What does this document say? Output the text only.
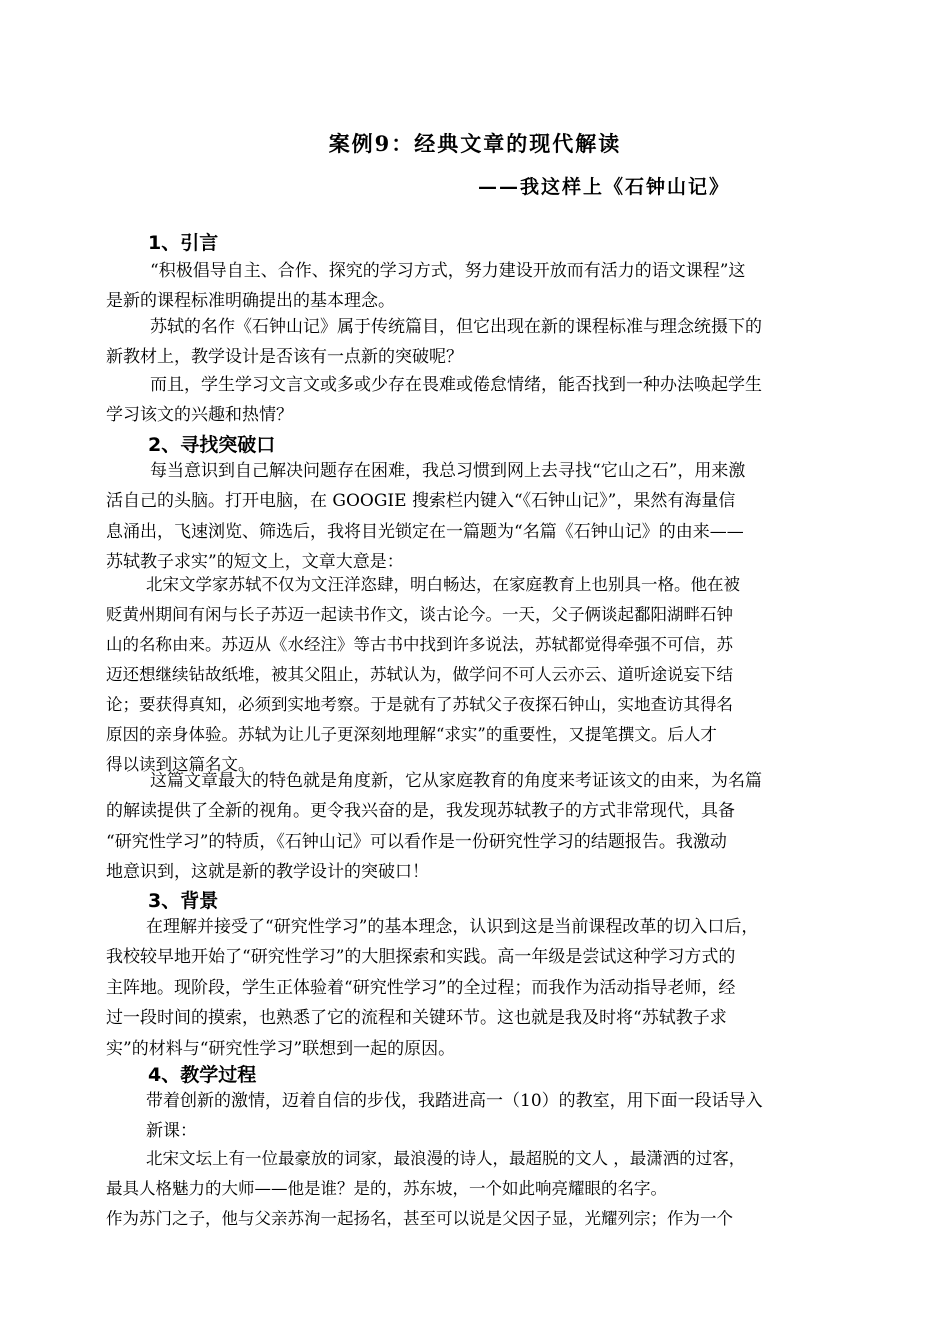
案例9：经典文章的现代解读
——我这样上《石钟山记》
1、引言
“积极倡导自主、合作、探究的学习方式，努力建设开放而有活力的语文课程”这
是新的课程标准明确提出的基本理念。
苏轼的名作《石钟山记》属于传统篇目，但它出现在新的课程标准与理念统摄下的
新教材上，教学设计是否该有一点新的突破呢？
而且，学生学习文言文或多或少存在畏难或倦怠情绪，能否找到一种办法唤起学生
学习该文的兴趣和热情？
2、寻找突破口
每当意识到自己解决问题存在困难，我总习惯到网上去寻找“它山之石”，用来激
活自己的头脑。打开电脑，在 GOOGIE 搜索栏内键入“《石钟山记》”，果然有海量信
息涌出，飞速浏览、筛选后，我将目光锁定在一篇题为“名篇《石钟山记》的由来——
苏轼教子求实”的短文上，文章大意是：
北宋文学家苏轼不仅为文汪洋恣肆，明白畅达，在家庭教育上也别具一格。他在被
贬黄州期间有闲与长子苏迈一起读书作文，谈古论今。一天，父子俩谈起鄱阳湖畔石钟
山的名称由来。苏迈从《水经注》等古书中找到许多说法，苏轼都觉得牵强不可信，苏
迈还想继续钻故纸堆，被其父阻止，苏轼认为，做学问不可人云亦云、道听途说妄下结
论；要获得真知，必须到实地考察。于是就有了苏轼父子夜探石钟山，实地查访其得名
原因的亲身体验。苏轼为让儿子更深刻地理解“求实”的重要性，又提笔撰文。后人才
得以读到这篇名文。
这篇文章最大的特色就是角度新，它从家庭教育的角度来考证该文的由来，为名篇
的解读提供了全新的视角。更令我兴奋的是，我发现苏轼教子的方式非常现代，具备
“研究性学习”的特质，《石钟山记》可以看作是一份研究性学习的结题报告。我激动
地意识到，这就是新的教学设计的突破口！
3、背景
在理解并接受了“研究性学习”的基本理念，认识到这是当前课程改革的切入口后，
我校较早地开始了“研究性学习”的大胆探索和实践。高一年级是尝试这种学习方式的
主阵地。现阶段，学生正体验着“研究性学习”的全过程；而我作为活动指导老师，经
过一段时间的摸索，也熟悉了它的流程和关键环节。这也就是我及时将“苏轼教子求
实”的材料与“研究性学习”联想到一起的原因。
4、教学过程
带着创新的激情，迈着自信的步伐，我踏进高一（10）的教室，用下面一段话导入
新课：
北宋文坛上有一位最豪放的词家，最浪漫的诗人，最超脱的文人 ，最潇洒的过客，
最具人格魅力的大师——他是谁？是的，苏东坡，一个如此响亮耀眼的名字。
作为苏门之子，他与父亲苏洵一起扬名，甚至可以说是父因子显，光耀列宗；作为一个
